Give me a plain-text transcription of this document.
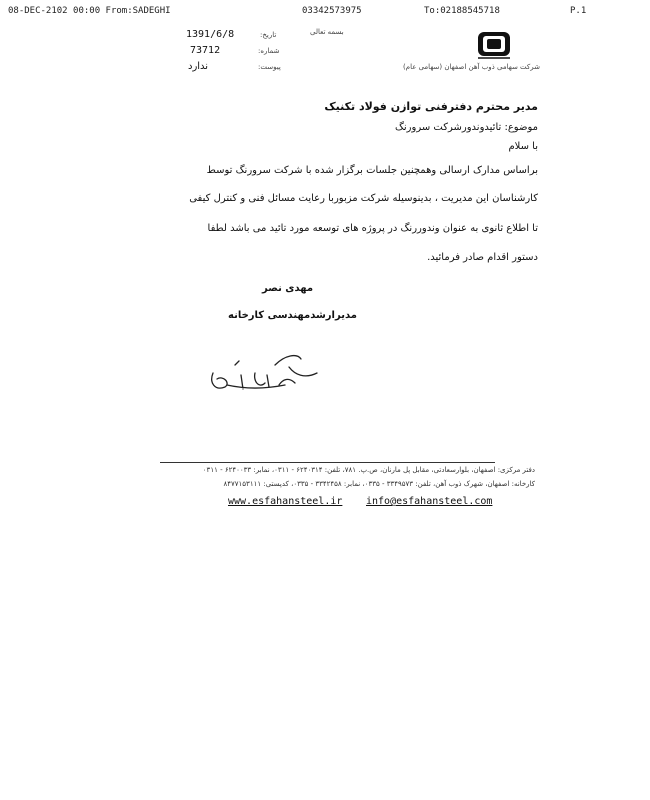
08-DEC-2102 00:00 From:SADEGHI	03342573975	To:02188545718	P.1
شرکت سهامی ذوب آهن اصفهان (سهامی عام)
بسمه تعالی
1391/6/8	تاریخ:
73712	شماره:
ندارد	پیوست:
مدیر محترم دفترفنی توازن فولاد تکنیک
موضوع: تائیدوندورشرکت سرورنگ
با سلام
براساس مدارک ارسالی وهمچنین جلسات برگزار شده با شرکت سرورنگ توسط
کارشناسان این مدیریت ، بدینوسیله شرکت مزبوربا رعایت مسائل فنی و کنترل کیفی
تا اطلاع ثانوی به عنوان وندوررنگ در پروژه های توسعه مورد تائید می باشد لطفا
دستور اقدام صادر فرمائید.
مهدی نصر
مدیرارشدمهندسی کارخانه
دفتر مرکزی: اصفهان، بلوارسعادتی، مقابل پل مارنان، ص.پ. ۷۸۱، تلفن: ۶۲۴۰۳۱۴ - ۰۳۱۱، نمابر: ۶۲۴۰۰۳۳ - ۰۳۱۱
کارخانه: اصفهان، شهرک ذوب آهن، تلفن: ۳۳۴۹۵۷۳ - ۰۳۳۵، نمابر: ۳۳۴۲۴۵۸ - ۰۳۳۵، کدپستی: ۸۴۷۷۱۵۳۱۱۱
www.esfahansteel.ir info@esfahansteel.com
